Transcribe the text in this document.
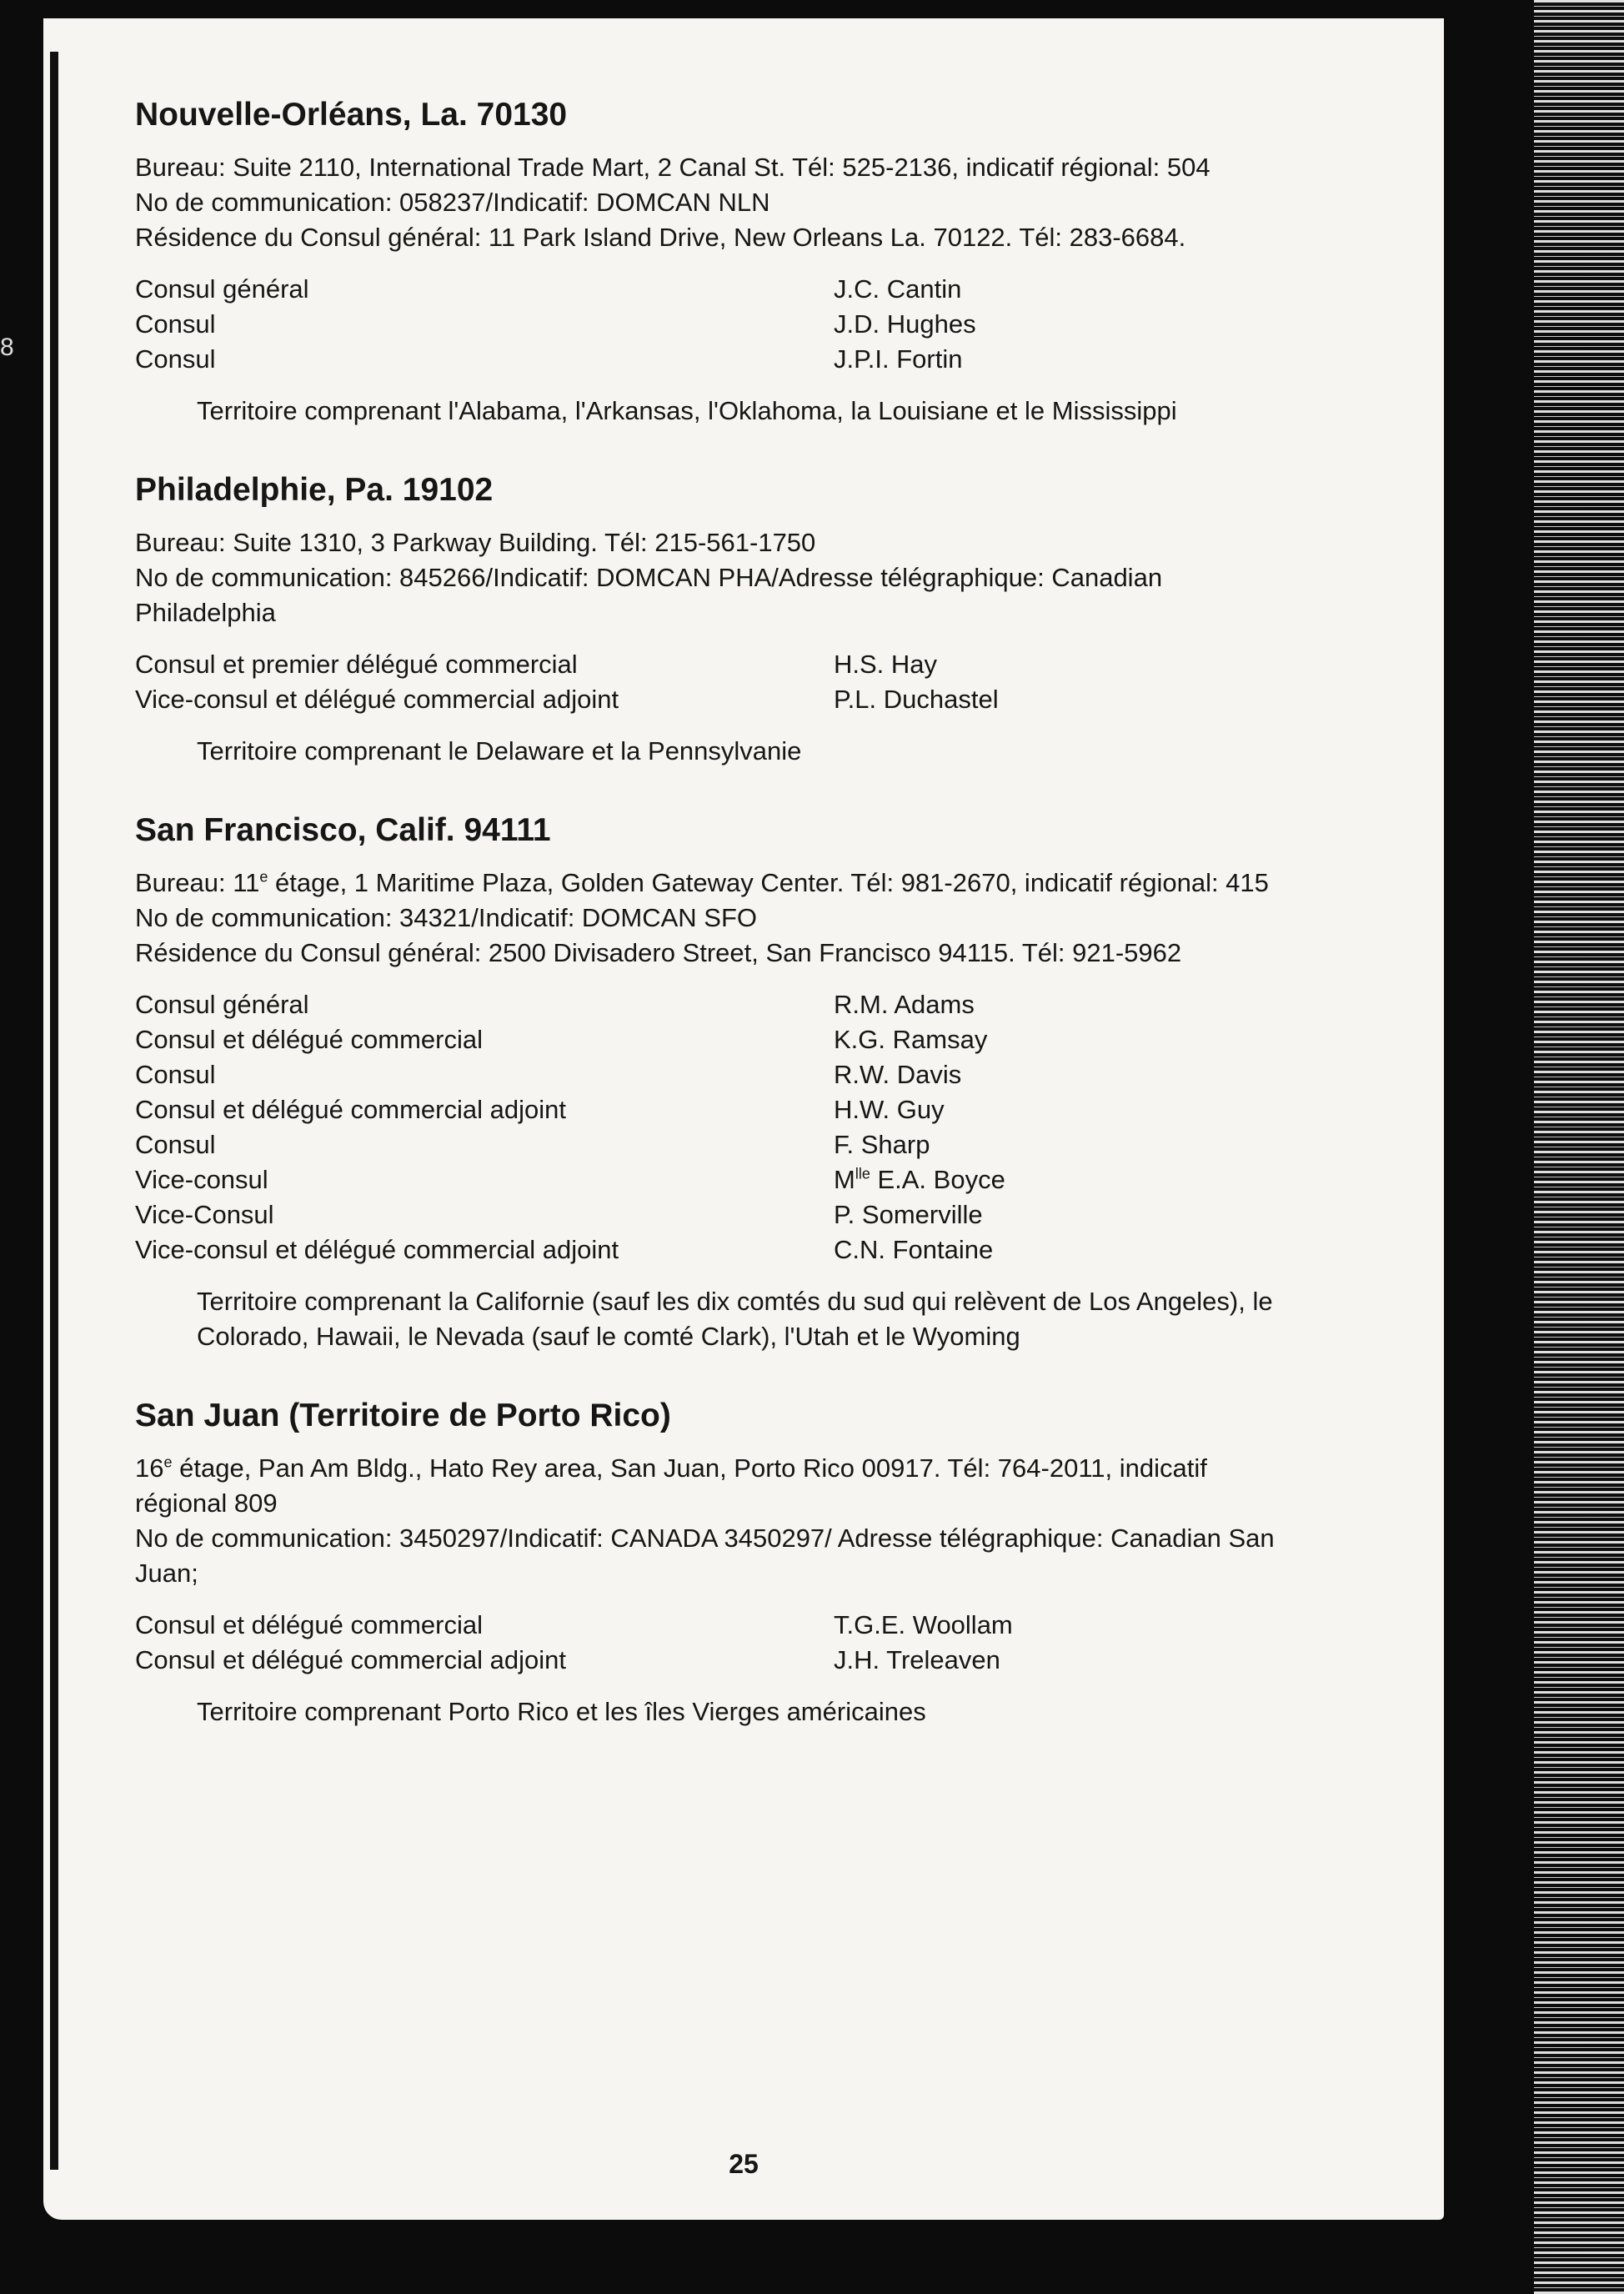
Nouvelle-Orléans, La. 70130

Bureau: Suite 2110, International Trade Mart, 2 Canal St. Tél: 525-2136, indicatif régional: 504

No de communication: 058237/Indicatif: DOMCAN NLN

Résidence du Consul général: 11 Park Island Drive, New Orleans La. 70122. Tél: 283-6684.

Consul général	J.C. Cantin
Consul	J.D. Hughes
Consul	J.P.I. Fortin

Territoire comprenant l'Alabama, l'Arkansas, l'Oklahoma, la Louisiane et le Mississippi

Philadelphie, Pa. 19102

Bureau: Suite 1310, 3 Parkway Building. Tél: 215-561-1750

No de communication: 845266/Indicatif: DOMCAN PHA/Adresse télégraphique: Canadian Philadelphia

Consul et premier délégué commercial	H.S. Hay
Vice-consul et délégué commercial adjoint	P.L. Duchastel

Territoire comprenant le Delaware et la Pennsylvanie

San Francisco, Calif. 94111

Bureau: 11e étage, 1 Maritime Plaza, Golden Gateway Center. Tél: 981-2670, indicatif régional: 415

No de communication: 34321/Indicatif: DOMCAN SFO

Résidence du Consul général: 2500 Divisadero Street, San Francisco 94115. Tél: 921-5962

Consul général	R.M. Adams
Consul et délégué commercial	K.G. Ramsay
Consul	R.W. Davis
Consul et délégué commercial adjoint	H.W. Guy
Consul	F. Sharp
Vice-consul	$M^{lle}$ E.A. Boyce
Vice-Consul	P. Somerville
Vice-consul et délégué commercial adjoint	C.N. Fontaine

Territoire comprenant la Californie (sauf les dix comtés du sud qui relèvent de Los Angeles), le Colorado, Hawaii, le Nevada (sauf le comté Clark), l'Utah et le Wyoming

San Juan (Territoire de Porto Rico)

16e étage, Pan Am Bldg., Hato Rey area, San Juan, Porto Rico 00917. Tél: 764-2011, indicatif régional 809

No de communication: 3450297/Indicatif: CANADA 3450297/ Adresse télégraphique: Canadian San Juan;

Consul et délégué commercial	T.G.E. Woollam
Consul et délégué commercial adjoint	J.H. Treleaven

Territoire comprenant Porto Rico et les îles Vierges américaines

25
8
